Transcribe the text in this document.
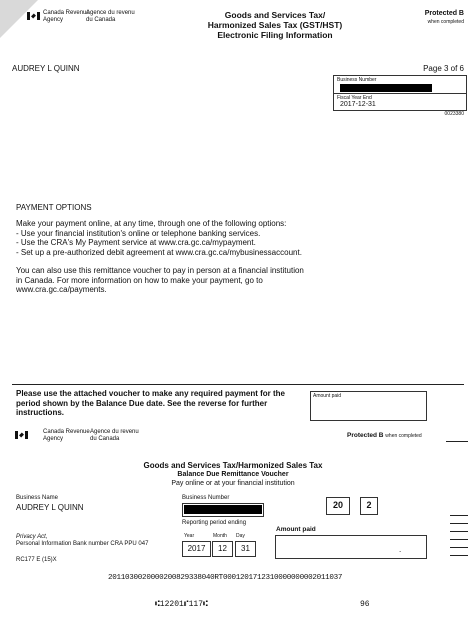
Canada Revenue
Agency
Agence du revenu
du Canada	Goods and Services Tax/
Harmonized Sales Tax (GST/HST)
Electronic Filing Information
Protected B
when completed
AUDREY L QUINN	Page 3 of 6
Business Number
Fiscal Year End
2017-12-31
0023380
PAYMENT OPTIONS
Make your payment online, at any time, through one of the following options:
- Use your financial institution's online or telephone banking services.
- Use the CRA's My Payment service at www.cra.gc.ca/mypayment.
- Set up a pre-authorized debit agreement at www.cra.gc.ca/mybusinessaccount.
You can also use this remittance voucher to pay in person at a financial institution
in Canada. For more information on how to make your payment, go to
www.cra.gc.ca/payments.
Please use the attached voucher to make any required payment for the
period shown by the Balance Due date. See the reverse for further
instructions.
Amount paid
Canada Revenue
Agency
Agence du revenu
du Canada	Protected B when completed
Goods and Services Tax/Harmonized Sales Tax
Balance Due Remittance Voucher
Pay online or at your financial institution
Business Name
AUDREY L QUINN
Business Number
20	2
Reporting period ending
Year	Month Day
2017	12	31
Amount paid
.
Privacy Act,
Personal Information Bank number CRA PPU 047
RC177 E (15)X
2011030020000200829338040RT0001201712310000000002011037
⑆12201⑈117⑆	96
